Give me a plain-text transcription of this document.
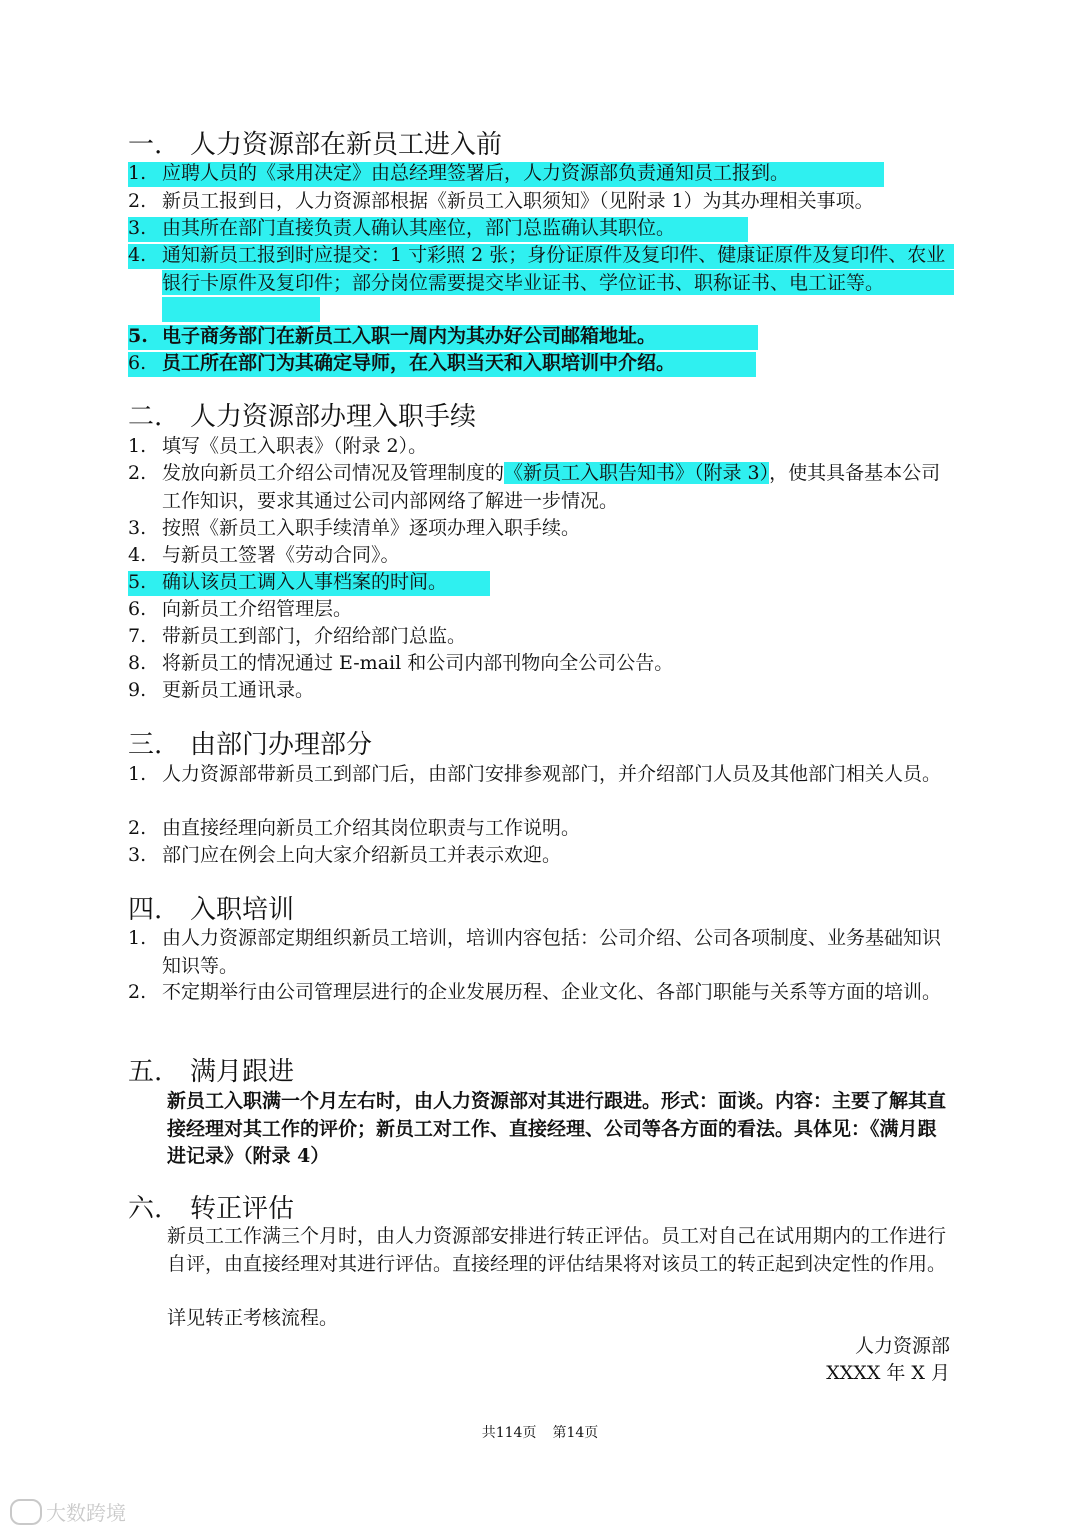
一. 人力资源部在新员工进入前
1. 应聘人员的《录用决定》由总经理签署后，人力资源部负责通知员工报到。
2. 新员工报到日，人力资源部根据《新员工入职须知》（见附录 1）为其办理相关事项。
3. 由其所在部门直接负责人确认其座位，部门总监确认其职位。
4. 通知新员工报到时应提交：1 寸彩照 2 张；身份证原件及复印件、健康证原件及复印件、农业银行卡原件及复印件；部分岗位需要提交毕业证书、学位证书、职称证书、电工证等。
5. 电子商务部门在新员工入职一周内为其办好公司邮箱地址。
6. 员工所在部门为其确定导师，在入职当天和入职培训中介绍。
二. 人力资源部办理入职手续
1. 填写《员工入职表》（附录 2）。
2. 发放向新员工介绍公司情况及管理制度的《新员工入职告知书》（附录 3），使其具备基本公司工作知识，要求其通过公司内部网络了解进一步情况。
3. 按照《新员工入职手续清单》逐项办理入职手续。
4. 与新员工签署《劳动合同》。
5. 确认该员工调入人事档案的时间。
6. 向新员工介绍管理层。
7. 带新员工到部门，介绍给部门总监。
8. 将新员工的情况通过 E-mail 和公司内部刊物向全公司公告。
9. 更新员工通讯录。
三. 由部门办理部分
1. 人力资源部带新员工到部门后，由部门安排参观部门，并介绍部门人员及其他部门相关人员。
2. 由直接经理向新员工介绍其岗位职责与工作说明。
3. 部门应在例会上向大家介绍新员工并表示欢迎。
四. 入职培训
1. 由人力资源部定期组织新员工培训，培训内容包括：公司介绍、公司各项制度、业务基础知识知识等。
2. 不定期举行由公司管理层进行的企业发展历程、企业文化、各部门职能与关系等方面的培训。
五. 满月跟进
新员工入职满一个月左右时，由人力资源部对其进行跟进。形式：面谈。内容：主要了解其直接经理对其工作的评价；新员工对工作、直接经理、公司等各方面的看法。具体见：《满月跟进记录》（附录 4）
六. 转正评估
新员工工作满三个月时，由人力资源部安排进行转正评估。员工对自己在试用期内的工作进行自评，由直接经理对其进行评估。直接经理的评估结果将对该员工的转正起到决定性的作用。
详见转正考核流程。
人力资源部
XXXX 年 X 月
共114页 第14页
大数跨境
